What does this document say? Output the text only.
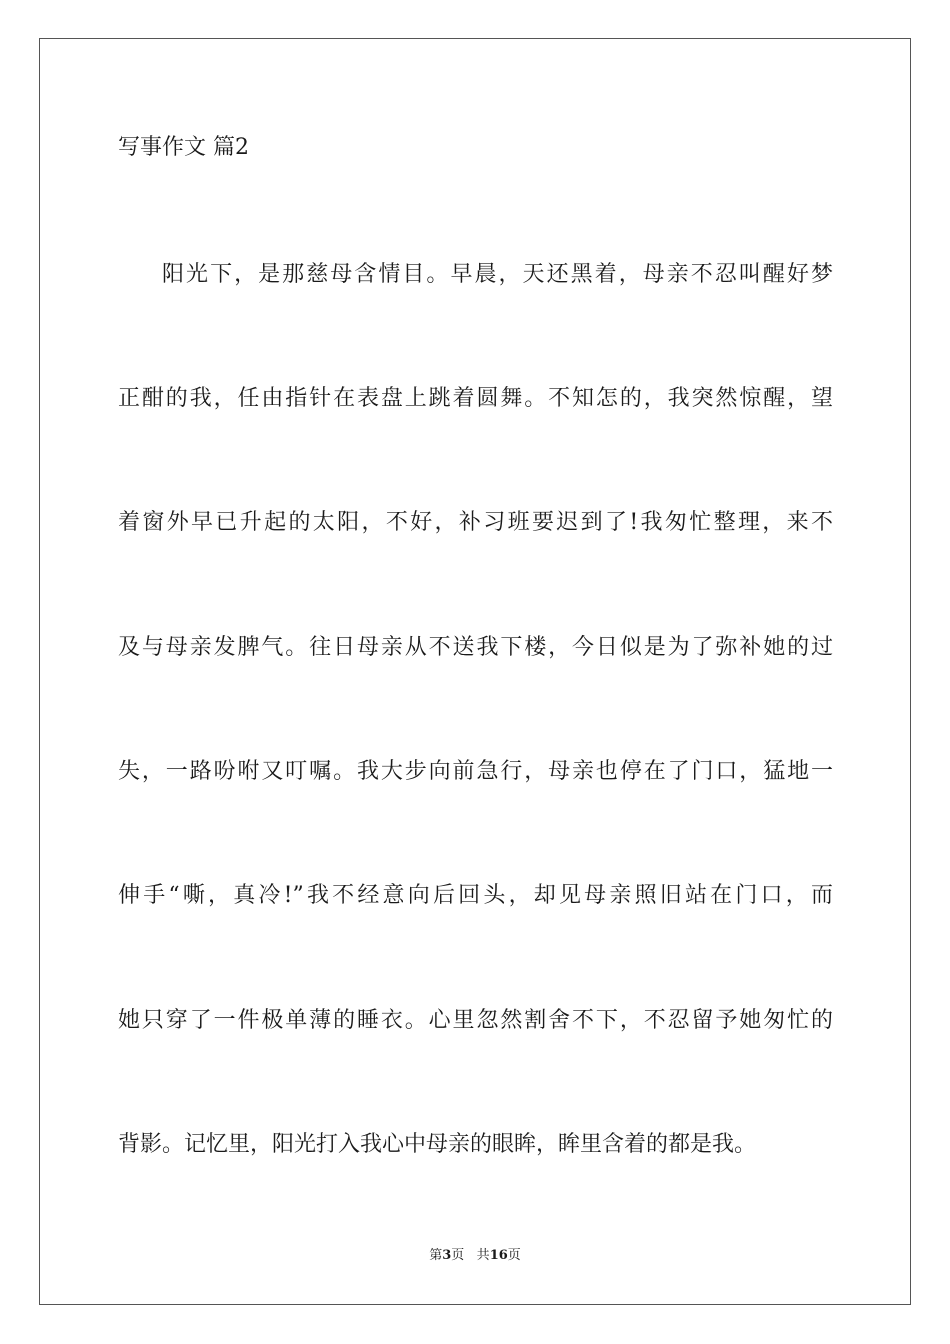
写事作文 篇2
阳光下，是那慈母含情目。早晨，天还黑着，母亲不忍叫醒好梦
正酣的我，任由指针在表盘上跳着圆舞。不知怎的，我突然惊醒，望
着窗外早已升起的太阳，不好，补习班要迟到了!我匆忙整理，来不
及与母亲发脾气。往日母亲从不送我下楼，今日似是为了弥补她的过
失，一路吩咐又叮嘱。我大步向前急行，母亲也停在了门口，猛地一
伸手“嘶，真冷!”我不经意向后回头，却见母亲照旧站在门口，而
她只穿了一件极单薄的睡衣。心里忽然割舍不下，不忍留予她匆忙的
背影。记忆里，阳光打入我心中母亲的眼眸，眸里含着的都是我。
第3页 共16页
